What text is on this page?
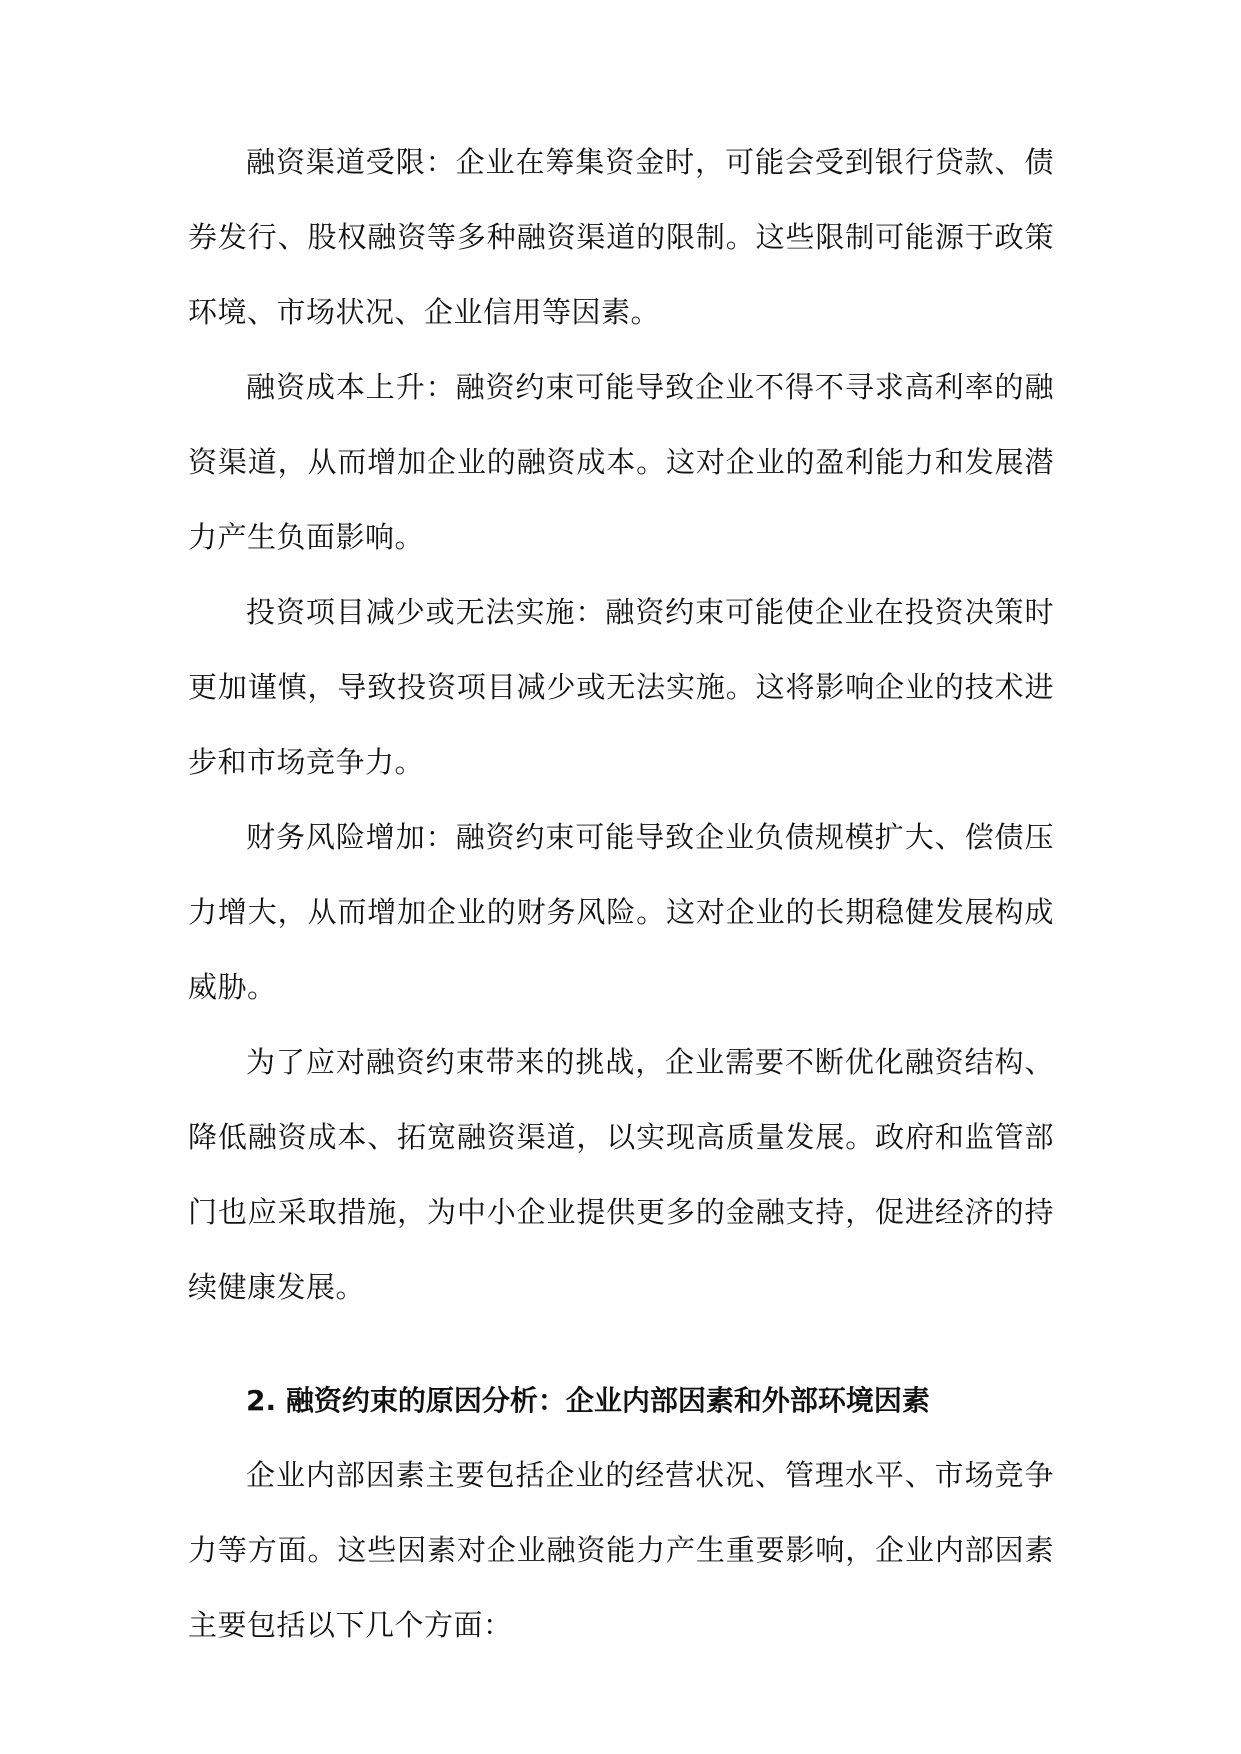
融资渠道受限：企业在筹集资金时，可能会受到银行贷款、债券发行、股权融资等多种融资渠道的限制。这些限制可能源于政策环境、市场状况、企业信用等因素。

融资成本上升：融资约束可能导致企业不得不寻求高利率的融资渠道，从而增加企业的融资成本。这对企业的盈利能力和发展潜力产生负面影响。

投资项目减少或无法实施：融资约束可能使企业在投资决策时更加谨慎，导致投资项目减少或无法实施。这将影响企业的技术进步和市场竞争力。

财务风险增加：融资约束可能导致企业负债规模扩大、偿债压力增大，从而增加企业的财务风险。这对企业的长期稳健发展构成威胁。

为了应对融资约束带来的挑战，企业需要不断优化融资结构、降低融资成本、拓宽融资渠道，以实现高质量发展。政府和监管部门也应采取措施，为中小企业提供更多的金融支持，促进经济的持续健康发展。

2. 融资约束的原因分析：企业内部因素和外部环境因素

企业内部因素主要包括企业的经营状况、管理水平、市场竞争力等方面。这些因素对企业融资能力产生重要影响，企业内部因素主要包括以下几个方面：
